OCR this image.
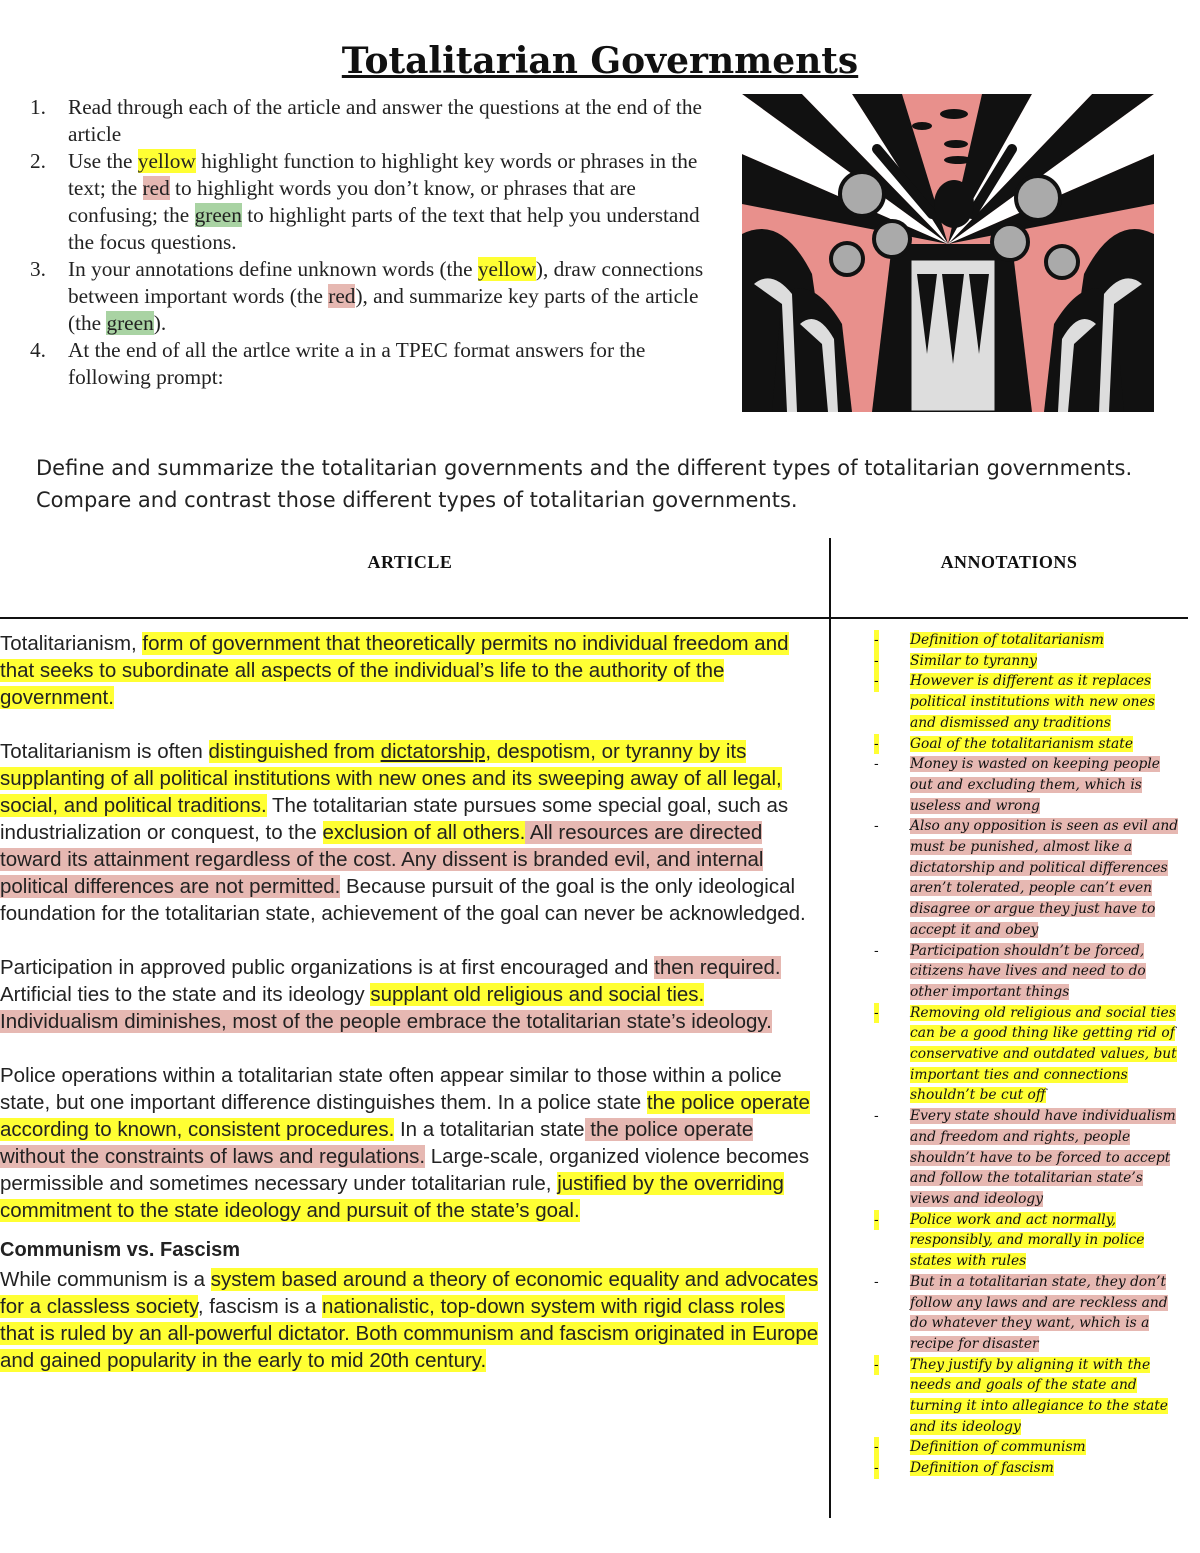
Totalitarian Governments
1. Read through each of the article and answer the questions at the end of the article
2. Use the yellow highlight function to highlight key words or phrases in the text; the red to highlight words you don’t know, or phrases that are confusing; the green to highlight parts of the text that help you understand the focus questions.
3. In your annotations define unknown words (the yellow), draw connections between important words (the red), and summarize key parts of the article (the green).
4. At the end of all the artlce write a in a TPEC format answers for the following prompt:

Define and summarize the totalitarian governments and the different types of totalitarian governments. Compare and contrast those different types of totalitarian governments.

ARTICLE	ANNOTATIONS

Totalitarianism, form of government that theoretically permits no individual freedom and that seeks to subordinate all aspects of the individual’s life to the authority of the government.

Totalitarianism is often distinguished from dictatorship, despotism, or tyranny by its supplanting of all political institutions with new ones and its sweeping away of all legal, social, and political traditions. The totalitarian state pursues some special goal, such as industrialization or conquest, to the exclusion of all others. All resources are directed toward its attainment regardless of the cost. Any dissent is branded evil, and internal political differences are not permitted. Because pursuit of the goal is the only ideological foundation for the totalitarian state, achievement of the goal can never be acknowledged.

Participation in approved public organizations is at first encouraged and then required. Artificial ties to the state and its ideology supplant old religious and social ties. Individualism diminishes, most of the people embrace the totalitarian state’s ideology.

Police operations within a totalitarian state often appear similar to those within a police state, but one important difference distinguishes them. In a police state the police operate according to known, consistent procedures. In a totalitarian state the police operate without the constraints of laws and regulations. Large-scale, organized violence becomes permissible and sometimes necessary under totalitarian rule, justified by the overriding commitment to the state ideology and pursuit of the state’s goal.

Communism vs. Fascism

While communism is a system based around a theory of economic equality and advocates for a classless society, fascism is a nationalistic, top-down system with rigid class roles that is ruled by an all-powerful dictator. Both communism and fascism originated in Europe and gained popularity in the early to mid 20th century.

- Definition of totalitarianism
- Similar to tyranny
- However is different as it replaces political institutions with new ones and dismissed any traditions
- Goal of the totalitarianism state
- Money is wasted on keeping people out and excluding them, which is useless and wrong
- Also any opposition is seen as evil and must be punished, almost like a dictatorship and political differences aren’t tolerated, people can’t even disagree or argue they just have to accept it and obey
- Participation shouldn’t be forced, citizens have lives and need to do other important things
- Removing old religious and social ties can be a good thing like getting rid of conservative and outdated values, but important ties and connections shouldn’t be cut off
- Every state should have individualism and freedom and rights, people shouldn’t have to be forced to accept and follow the totalitarian state’s views and ideology
- Police work and act normally, responsibly, and morally in police states with rules
- But in a totalitarian state, they don’t follow any laws and are reckless and do whatever they want, which is a recipe for disaster
- They justify by aligning it with the needs and goals of the state and turning it into allegiance to the state and its ideology
- Definition of communism
- Definition of fascism
